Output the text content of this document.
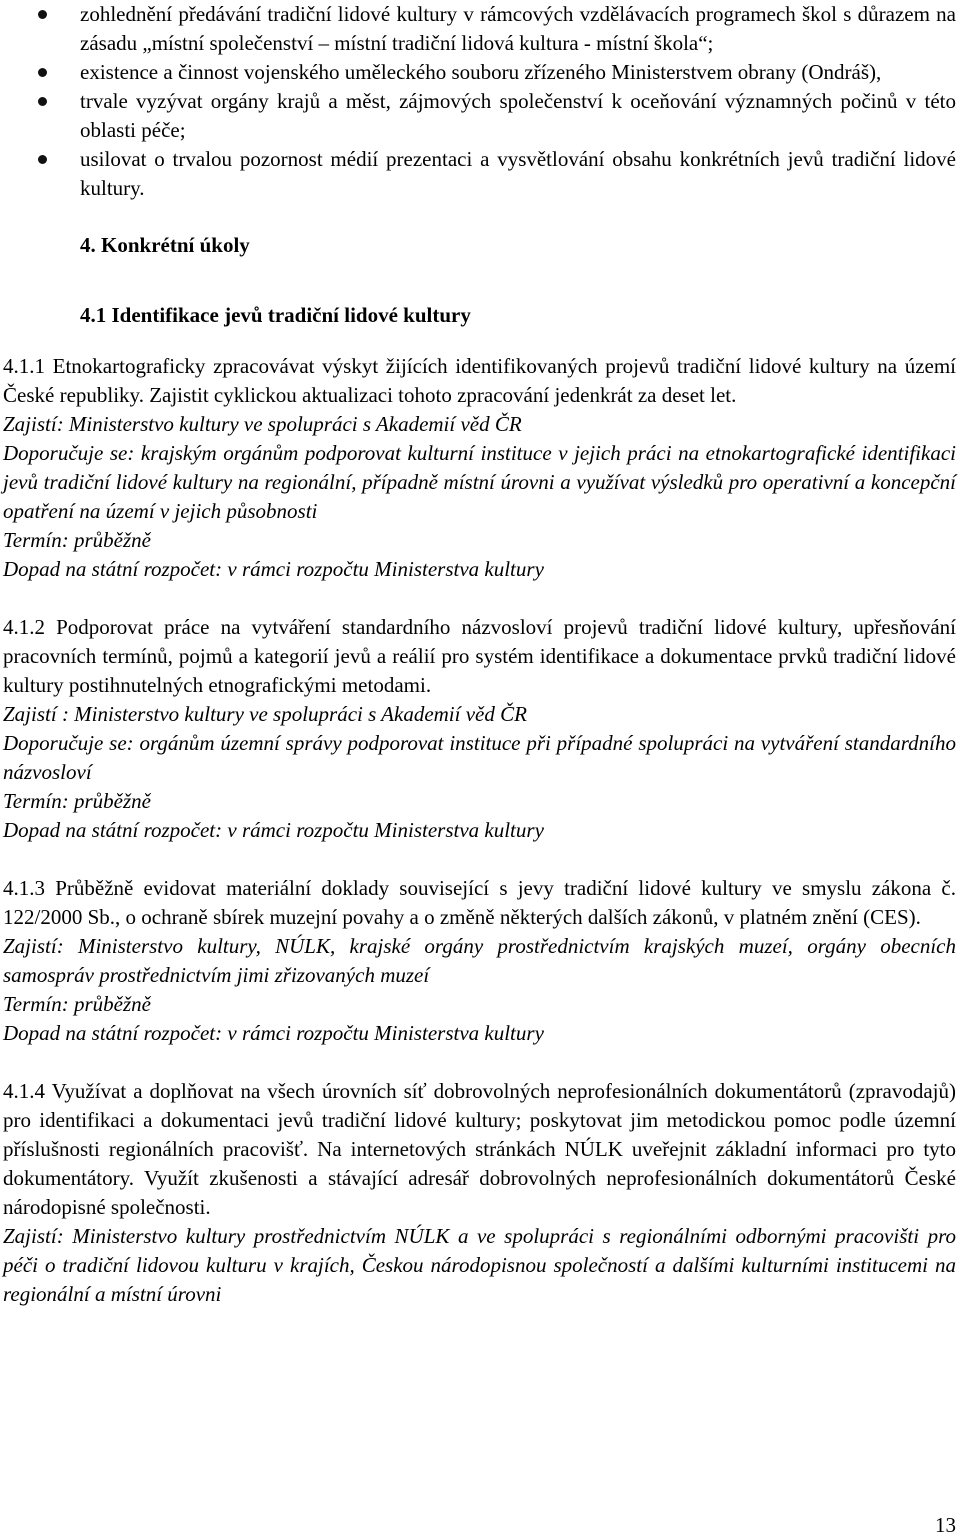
zohlednění předávání tradiční lidové kultury v rámcových vzdělávacích programech škol s důrazem na zásadu „místní společenství – místní tradiční lidová kultura - místní škola“;
existence a činnost vojenského uměleckého souboru zřízeného Ministerstvem obrany (Ondráš),
trvale vyzývat orgány krajů a měst, zájmových společenství k oceňování významných počinů v této oblasti péče;
usilovat o trvalou pozornost médií prezentaci a vysvětlování obsahu konkrétních jevů tradiční lidové kultury.

4. Konkrétní úkoly

4.1 Identifikace jevů tradiční lidové kultury

4.1.1 Etnokartograficky zpracovávat výskyt žijících identifikovaných projevů tradiční lidové kultury na území České republiky. Zajistit cyklickou aktualizaci tohoto zpracování jedenkrát za deset let.

Zajistí: Ministerstvo kultury ve spolupráci s Akademií věd ČR

Doporučuje se: krajským orgánům podporovat kulturní instituce v jejich práci na etnokartografické identifikaci jevů tradiční lidové kultury na regionální, případně místní úrovni a využívat výsledků pro operativní a koncepční opatření na území v jejich působnosti

Termín: průběžně

Dopad na státní rozpočet: v rámci rozpočtu Ministerstva kultury

4.1.2 Podporovat práce na vytváření standardního názvosloví projevů tradiční lidové kultury, upřesňování pracovních termínů, pojmů a kategorií jevů a reálií pro systém identifikace a dokumentace prvků tradiční lidové kultury postihnutelných etnografickými metodami.

Zajistí : Ministerstvo kultury ve spolupráci s Akademií věd ČR

Doporučuje se: orgánům územní správy podporovat instituce při případné spolupráci na vytváření standardního názvosloví

Termín: průběžně

Dopad na státní rozpočet: v rámci rozpočtu Ministerstva kultury

4.1.3 Průběžně evidovat materiální doklady související s jevy tradiční lidové kultury ve smyslu zákona č. 122/2000 Sb., o ochraně sbírek muzejní povahy a o změně některých dalších zákonů, v platném znění (CES).

Zajistí: Ministerstvo kultury, NÚLK, krajské orgány prostřednictvím krajských muzeí, orgány obecních samospráv prostřednictvím jimi zřizovaných muzeí

Termín: průběžně

Dopad na státní rozpočet: v rámci rozpočtu Ministerstva kultury

4.1.4 Využívat a doplňovat na všech úrovních síť dobrovolných neprofesionálních dokumentátorů (zpravodajů) pro identifikaci a dokumentaci jevů tradiční lidové kultury; poskytovat jim metodickou pomoc podle územní příslušnosti regionálních pracovišť. Na internetových stránkách NÚLK uveřejnit základní informaci pro tyto dokumentátory. Využít zkušenosti a stávající adresář dobrovolných neprofesionálních dokumentátorů České národopisné společnosti.

Zajistí: Ministerstvo kultury prostřednictvím NÚLK a ve spolupráci s regionálními odbornými pracovišti pro péči o tradiční lidovou kulturu v krajích, Českou národopisnou společností a dalšími kulturními institucemi na regionální a místní úrovni

13
